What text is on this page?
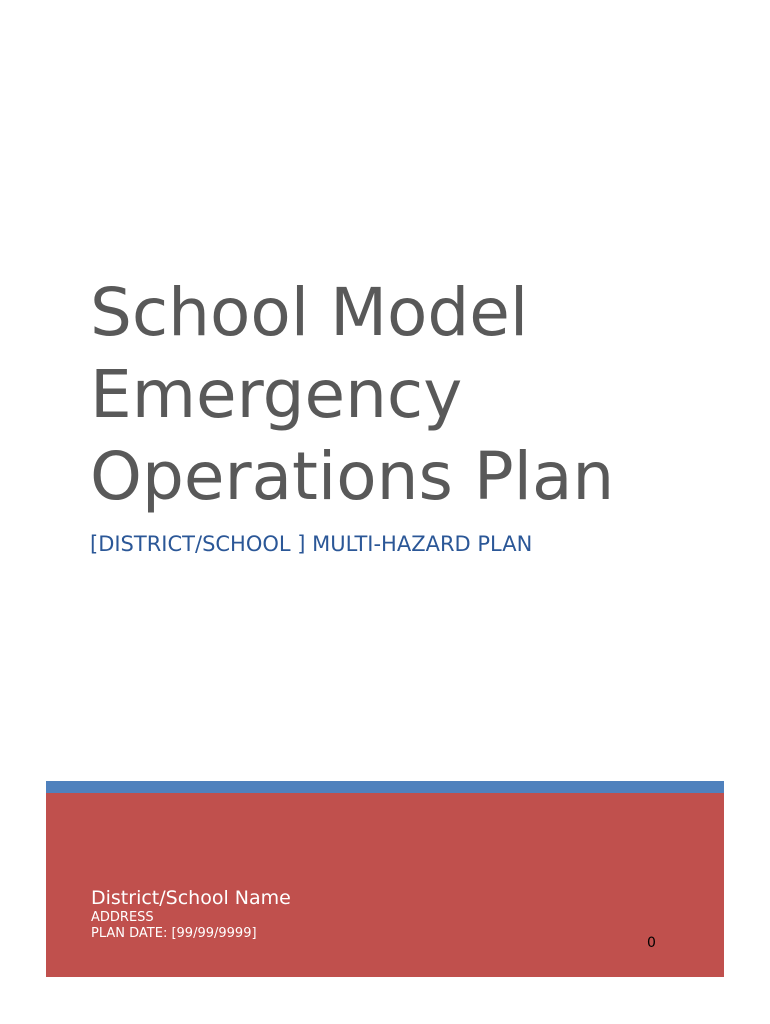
School Model
Emergency
Operations Plan
[DISTRICT/SCHOOL ] MULTI-HAZARD PLAN
District/School Name
ADDRESS
PLAN DATE: [99/99/9999]
0
